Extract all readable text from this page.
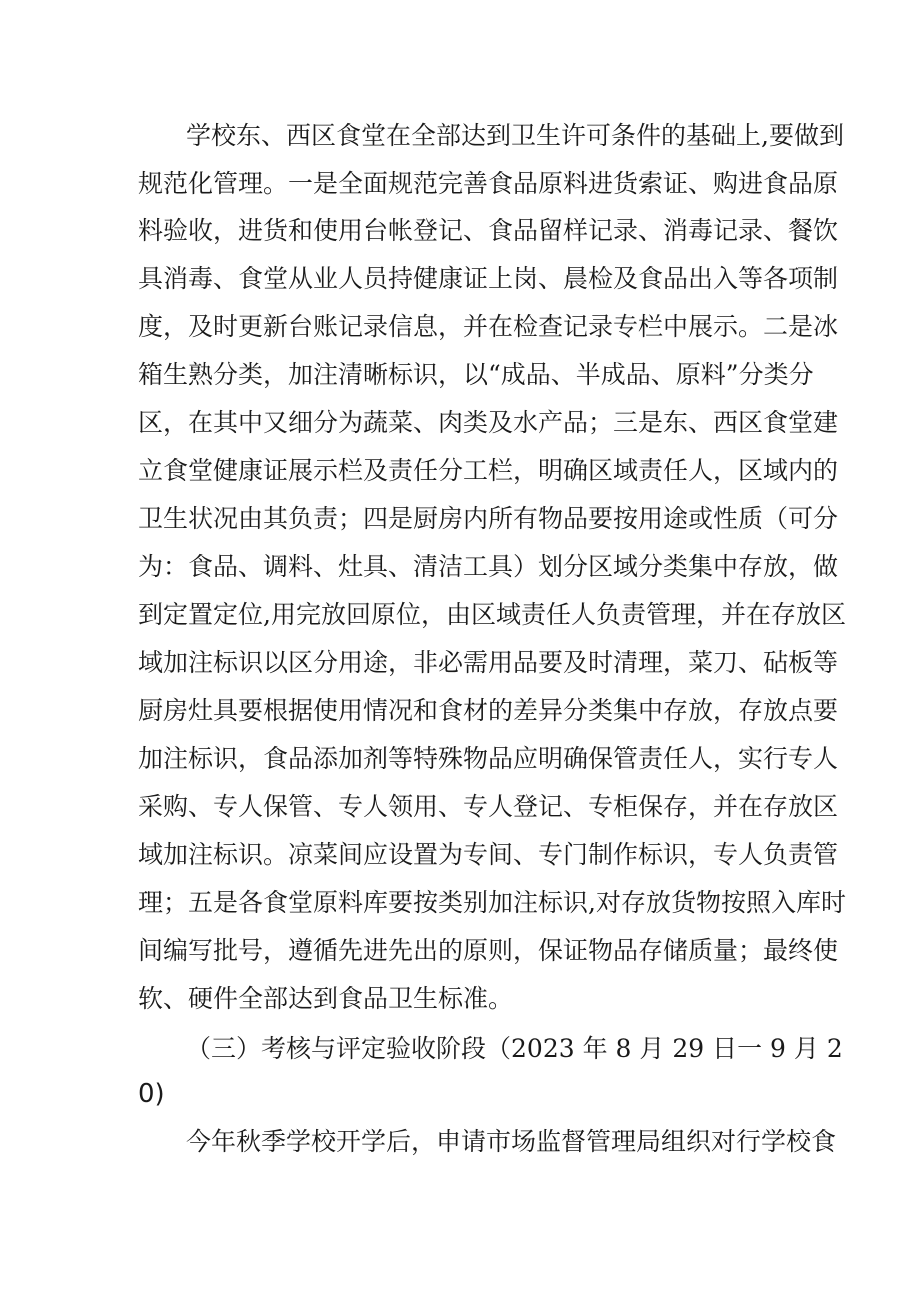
学校东、西区食堂在全部达到卫生许可条件的基础上,要做到
规范化管理。一是全面规范完善食品原料进货索证、购进食品原
料验收，进货和使用台帐登记、食品留样记录、消毒记录、餐饮
具消毒、食堂从业人员持健康证上岗、晨检及食品出入等各项制
度，及时更新台账记录信息，并在检查记录专栏中展示。二是冰
箱生熟分类，加注清晰标识，以“成品、半成品、原料”分类分
区，在其中又细分为蔬菜、肉类及水产品；三是东、西区食堂建
立食堂健康证展示栏及责任分工栏，明确区域责任人，区域内的
卫生状况由其负责；四是厨房内所有物品要按用途或性质（可分
为：食品、调料、灶具、清洁工具）划分区域分类集中存放，做
到定置定位,用完放回原位，由区域责任人负责管理，并在存放区
域加注标识以区分用途，非必需用品要及时清理，菜刀、砧板等
厨房灶具要根据使用情况和食材的差异分类集中存放，存放点要
加注标识，食品添加剂等特殊物品应明确保管责任人，实行专人
采购、专人保管、专人领用、专人登记、专柜保存，并在存放区
域加注标识。凉菜间应设置为专间、专门制作标识，专人负责管
理；五是各食堂原料库要按类别加注标识,对存放货物按照入库时
间编写批号，遵循先进先出的原则，保证物品存储质量；最终使
软、硬件全部达到食品卫生标准。
（三）考核与评定验收阶段（2023 年 8 月 29 日一 9 月 2
0)
今年秋季学校开学后，申请市场监督管理局组织对行学校食
